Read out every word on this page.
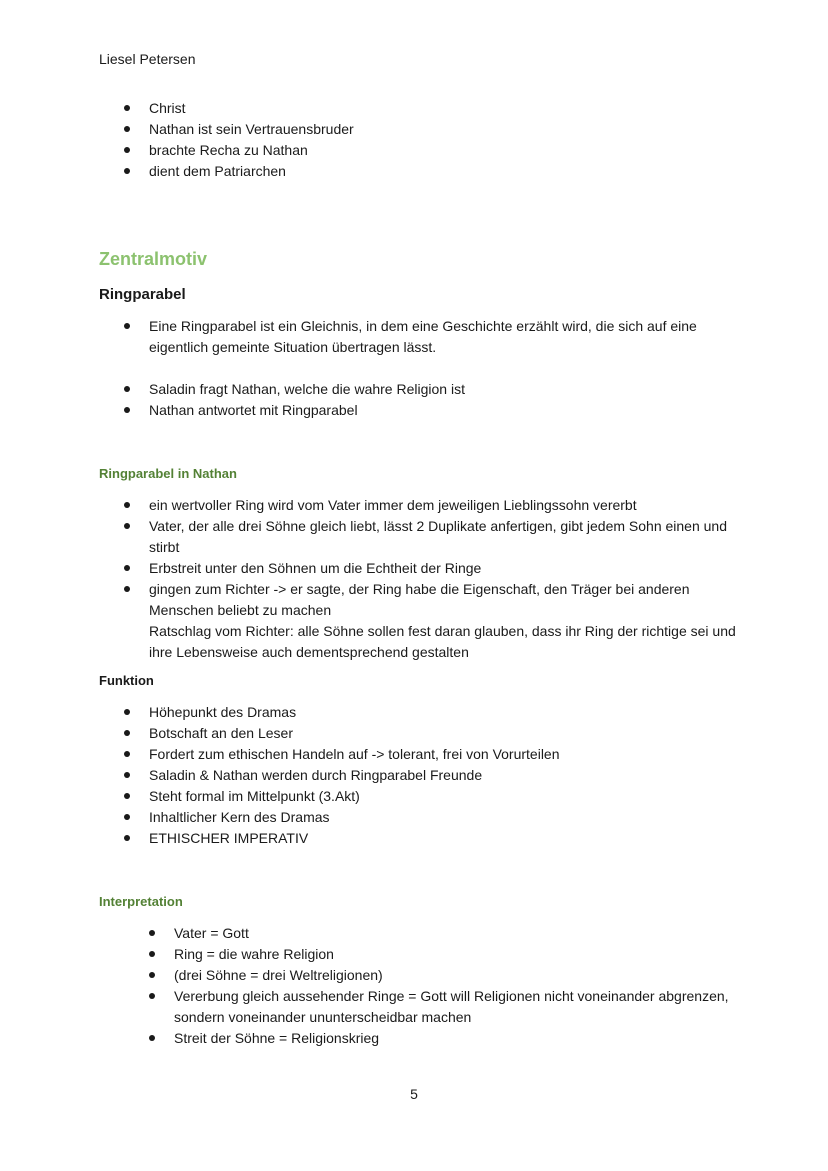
Liesel Petersen
Christ
Nathan ist sein Vertrauensbruder
brachte Recha zu Nathan
dient dem Patriarchen
Zentralmotiv
Ringparabel
Eine Ringparabel ist ein Gleichnis, in dem eine Geschichte erzählt wird, die sich auf eine
eigentlich gemeinte Situation übertragen lässt.
Saladin fragt Nathan, welche die wahre Religion ist
Nathan antwortet mit Ringparabel
Ringparabel in Nathan
ein wertvoller Ring wird vom Vater immer dem jeweiligen Lieblingssohn vererbt
Vater, der alle drei Söhne gleich liebt, lässt 2 Duplikate anfertigen, gibt jedem Sohn einen und
stirbt
Erbstreit unter den Söhnen um die Echtheit der Ringe
gingen zum Richter -> er sagte, der Ring habe die Eigenschaft, den Träger bei anderen
Menschen beliebt zu machen
Ratschlag vom Richter: alle Söhne sollen fest daran glauben, dass ihr Ring der richtige sei und
ihre Lebensweise auch dementsprechend gestalten
Funktion
Höhepunkt des Dramas
Botschaft an den Leser
Fordert zum ethischen Handeln auf -> tolerant, frei von Vorurteilen
Saladin & Nathan werden durch Ringparabel Freunde
Steht formal im Mittelpunkt (3.Akt)
Inhaltlicher Kern des Dramas
ETHISCHER IMPERATIV
Interpretation
Vater = Gott
Ring = die wahre Religion
(drei Söhne = drei Weltreligionen)
Vererbung gleich aussehender Ringe = Gott will Religionen nicht voneinander abgrenzen,
sondern voneinander ununterscheidbar machen
Streit der Söhne = Religionskrieg
5
